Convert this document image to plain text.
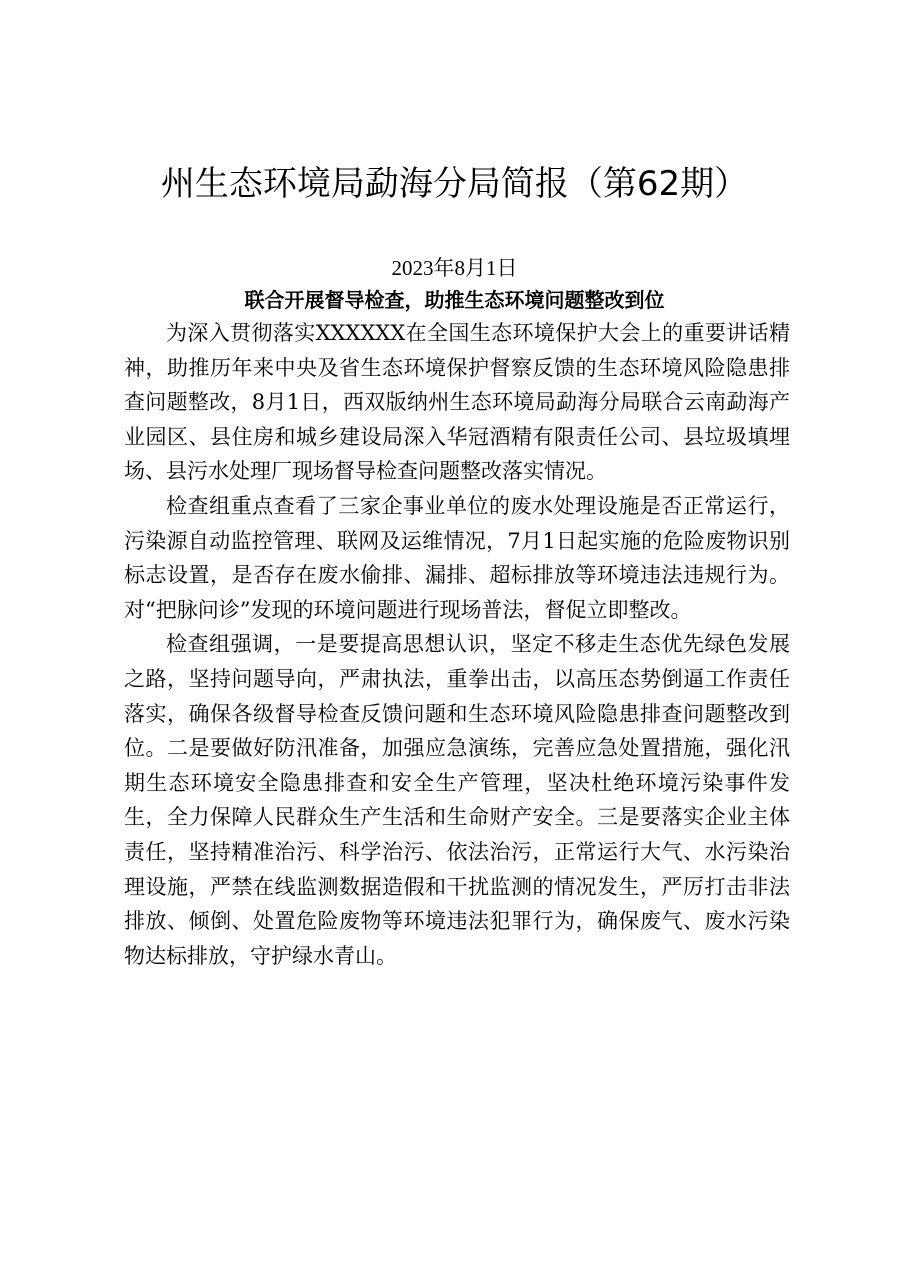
州生态环境局勐海分局简报（第62期）
2023年8月1日
联合开展督导检查，助推生态环境问题整改到位

为深入贯彻落实XXXXXX在全国生态环境保护大会上的重要讲话精神，助推历年来中央及省生态环境保护督察反馈的生态环境风险隐患排查问题整改，8月1日，西双版纳州生态环境局勐海分局联合云南勐海产业园区、县住房和城乡建设局深入华冠酒精有限责任公司、县垃圾填埋场、县污水处理厂现场督导检查问题整改落实情况。

检查组重点查看了三家企事业单位的废水处理设施是否正常运行，污染源自动监控管理、联网及运维情况，7月1日起实施的危险废物识别标志设置，是否存在废水偷排、漏排、超标排放等环境违法违规行为。对“把脉问诊”发现的环境问题进行现场普法，督促立即整改。

检查组强调，一是要提高思想认识，坚定不移走生态优先绿色发展之路，坚持问题导向，严肃执法，重拳出击，以高压态势倒逼工作责任落实，确保各级督导检查反馈问题和生态环境风险隐患排查问题整改到位。二是要做好防汛准备，加强应急演练，完善应急处置措施，强化汛期生态环境安全隐患排查和安全生产管理，坚决杜绝环境污染事件发生，全力保障人民群众生产生活和生命财产安全。三是要落实企业主体责任，坚持精准治污、科学治污、依法治污，正常运行大气、水污染治理设施，严禁在线监测数据造假和干扰监测的情况发生，严厉打击非法排放、倾倒、处置危险废物等环境违法犯罪行为，确保废气、废水污染物达标排放，守护绿水青山。
